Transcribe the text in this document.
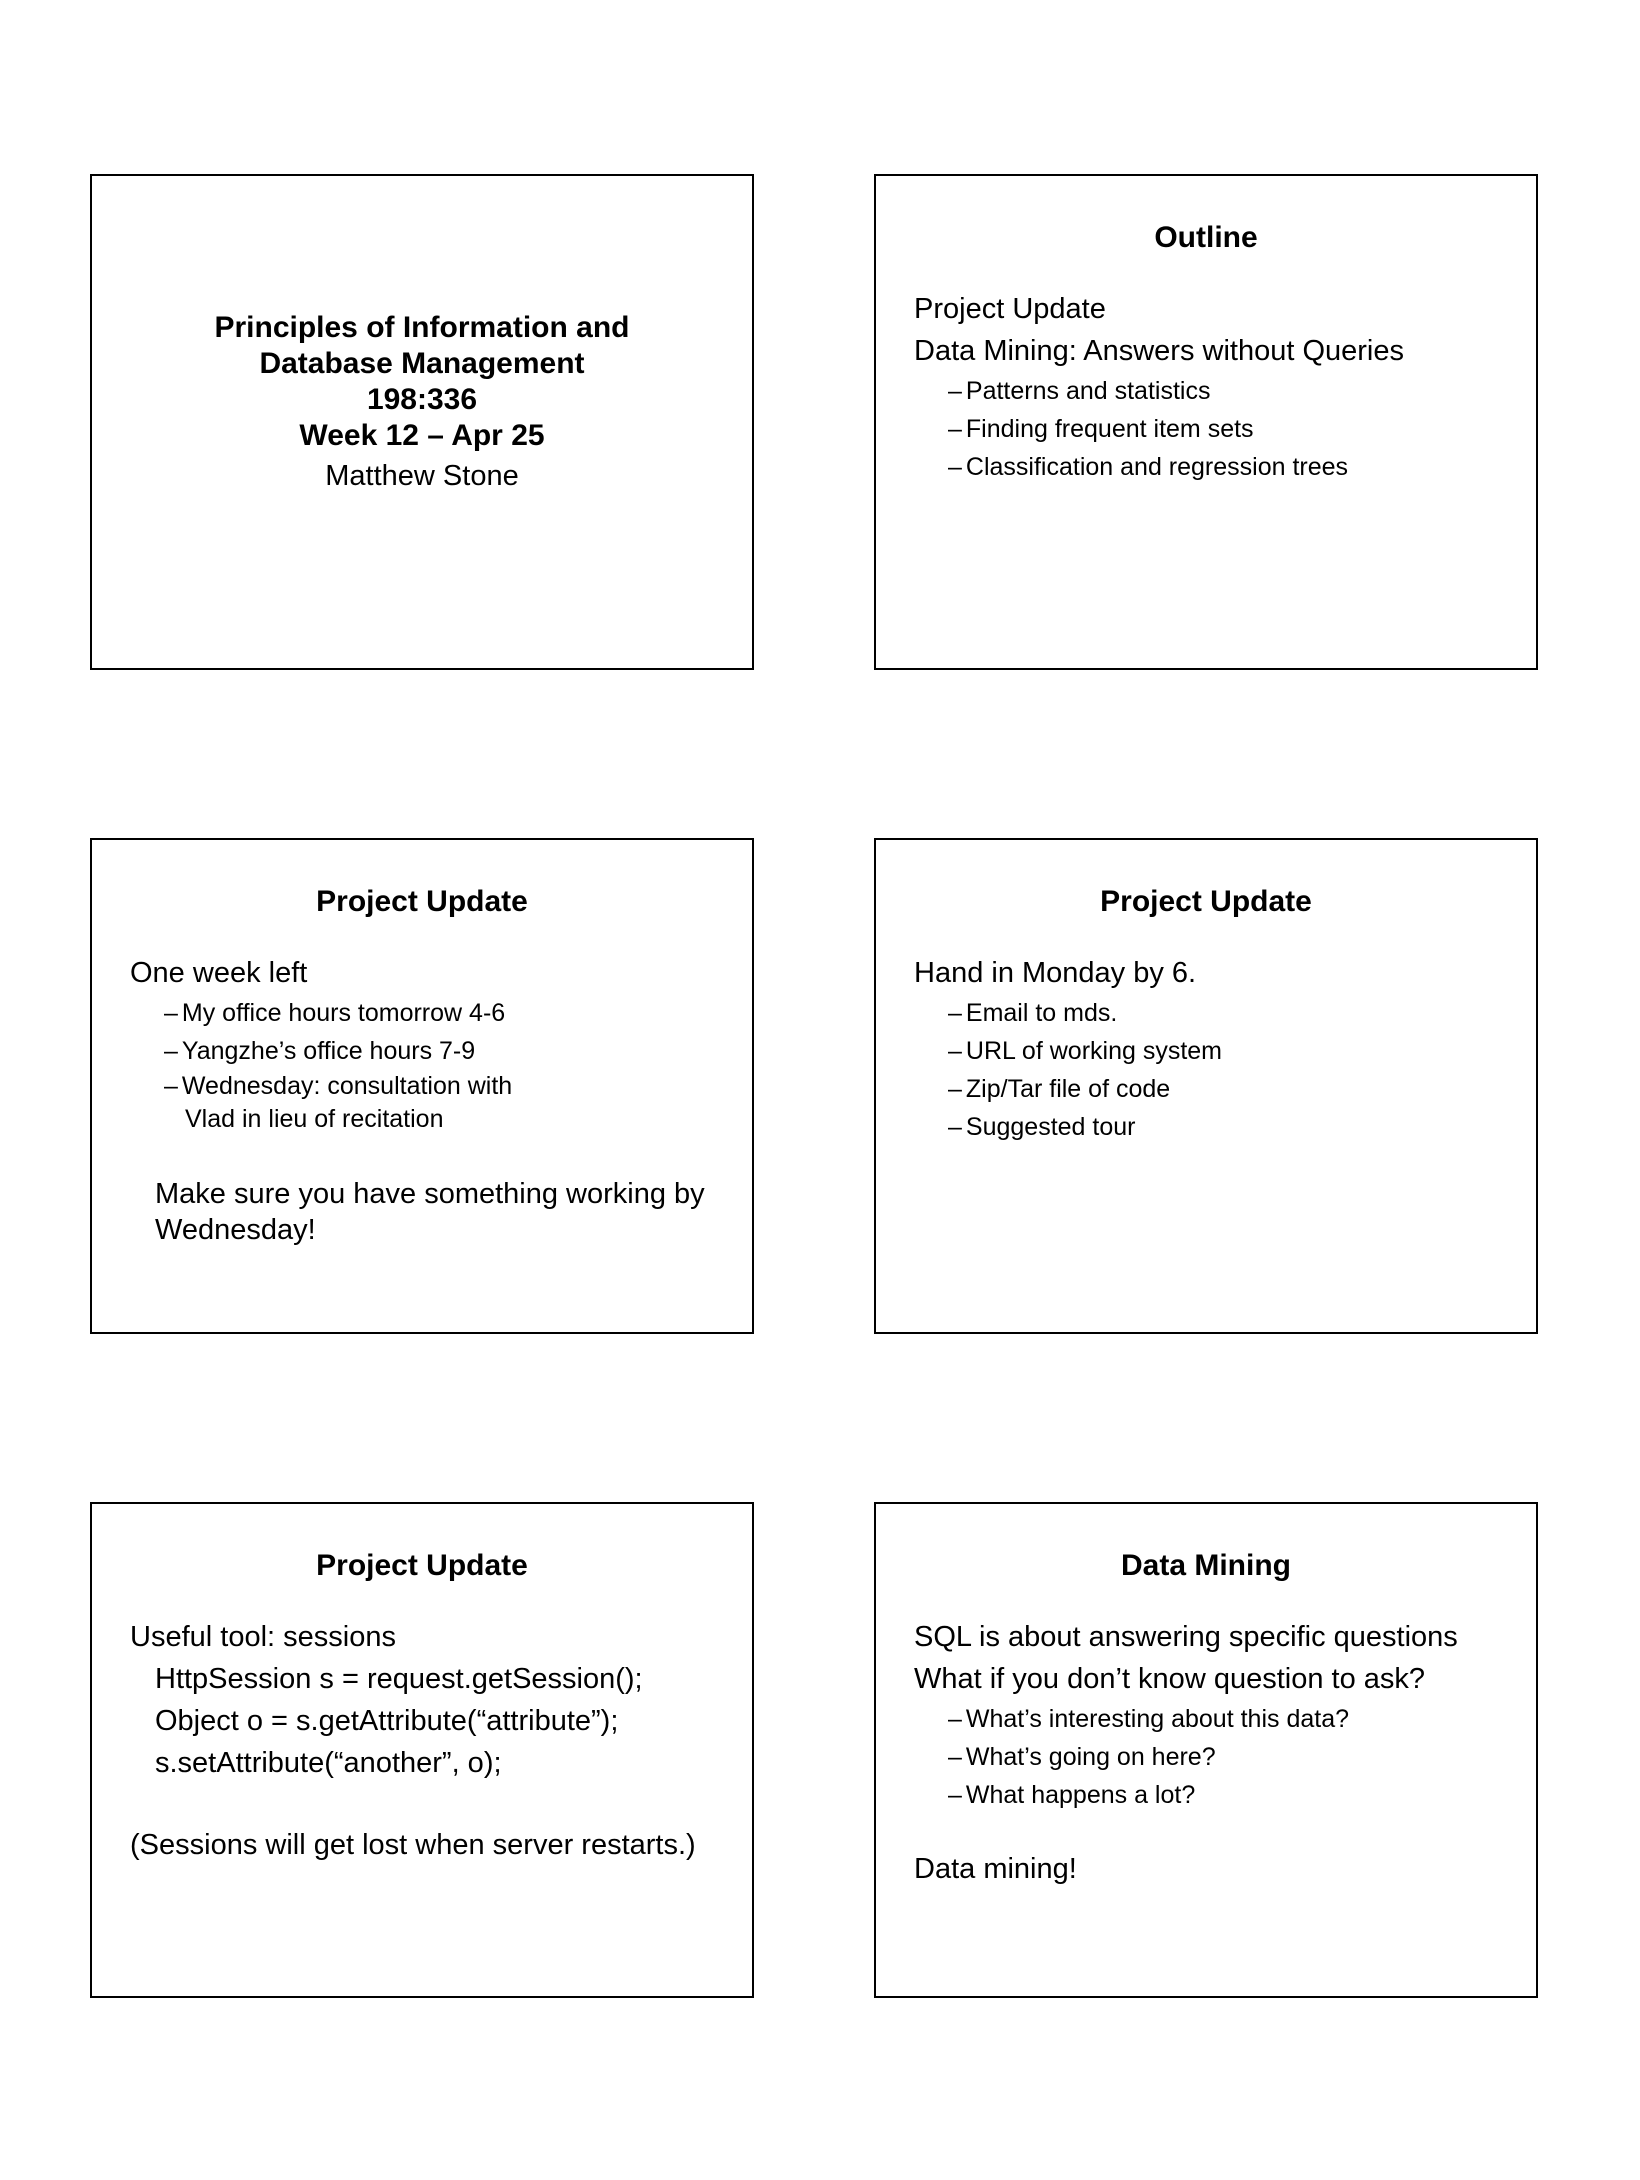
Principles of Information and
Database Management
198:336
Week 12 – Apr 25
Matthew Stone
Outline
Project Update
Data Mining: Answers without Queries
– Patterns and statistics
– Finding frequent item sets
– Classification and regression trees
Project Update
One week left
– My office hours tomorrow 4-6
– Yangzhe’s office hours 7-9
– Wednesday: consultation with Vlad in lieu of recitation
Make sure you have something working by Wednesday!
Project Update
Hand in Monday by 6.
– Email to mds.
– URL of working system
– Zip/Tar file of code
– Suggested tour
Project Update
Useful tool: sessions
HttpSession s = request.getSession();
Object o = s.getAttribute(“attribute”);
s.setAttribute(“another”, o);
(Sessions will get lost when server restarts.)
Data Mining
SQL is about answering specific questions
What if you don’t know question to ask?
– What’s interesting about this data?
– What’s going on here?
– What happens a lot?
Data mining!
